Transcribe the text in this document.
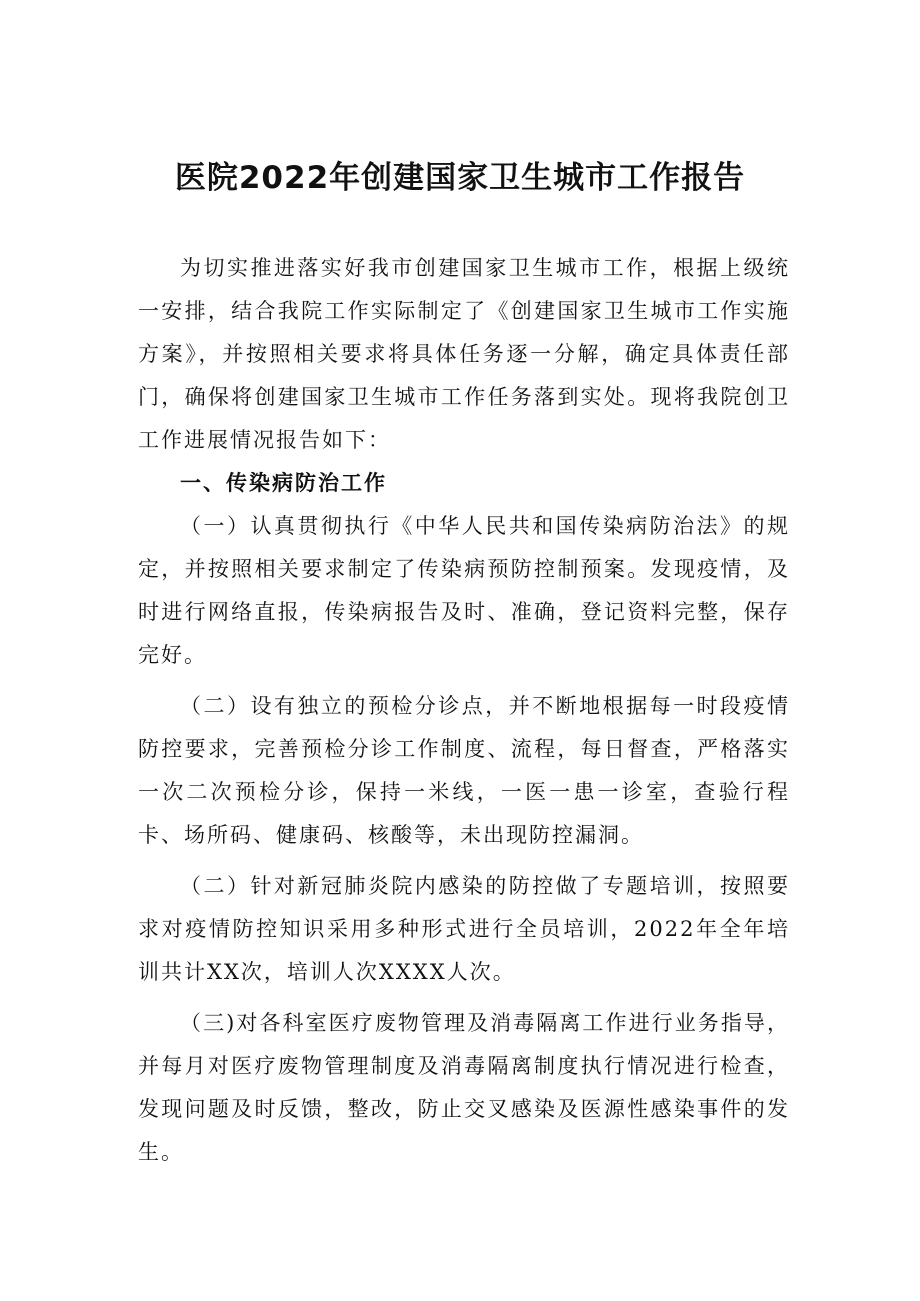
医院2022年创建国家卫生城市工作报告

为切实推进落实好我市创建国家卫生城市工作，根据上级统一安排，结合我院工作实际制定了《创建国家卫生城市工作实施方案》，并按照相关要求将具体任务逐一分解，确定具体责任部门，确保将创建国家卫生城市工作任务落到实处。现将我院创卫工作进展情况报告如下：

一、传染病防治工作

（一）认真贯彻执行《中华人民共和国传染病防治法》的规定，并按照相关要求制定了传染病预防控制预案。发现疫情，及时进行网络直报，传染病报告及时、准确，登记资料完整，保存完好。

（二）设有独立的预检分诊点，并不断地根据每一时段疫情防控要求，完善预检分诊工作制度、流程，每日督查，严格落实一次二次预检分诊，保持一米线，一医一患一诊室，查验行程卡、场所码、健康码、核酸等，未出现防控漏洞。

（二）针对新冠肺炎院内感染的防控做了专题培训，按照要求对疫情防控知识采用多种形式进行全员培训，2022年全年培训共计XX次，培训人次XXXX人次。

（三)对各科室医疗废物管理及消毒隔离工作进行业务指导，并每月对医疗废物管理制度及消毒隔离制度执行情况进行检查，发现问题及时反馈，整改，防止交叉感染及医源性感染事件的发生。
